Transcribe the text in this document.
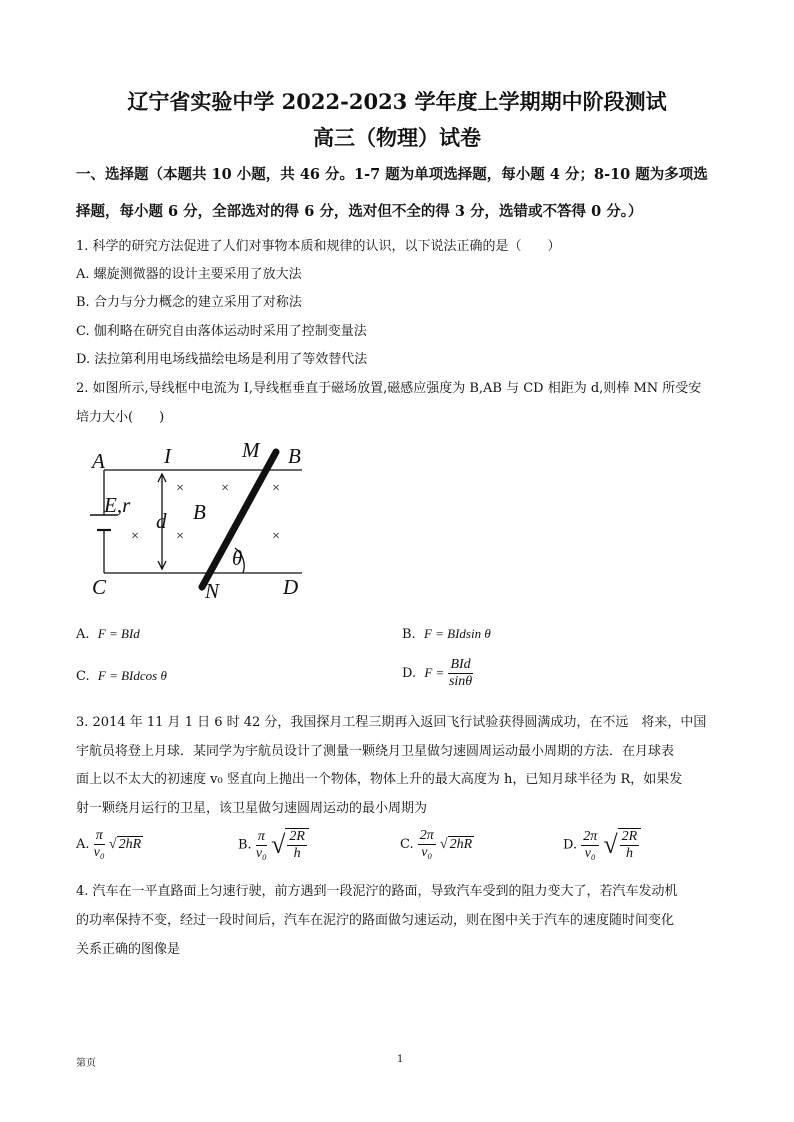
辽宁省实验中学 2022-2023 学年度上学期期中阶段测试
高三（物理）试卷
一、选择题（本题共 10 小题，共 46 分。1-7 题为单项选择题，每小题 4 分；8-10 题为多项选
择题，每小题 6 分，全部选对的得 6 分，选对但不全的得 3 分，选错或不答得 0 分。）
1. 科学的研究方法促进了人们对事物本质和规律的认识，以下说法正确的是（　　）
A. 螺旋测微器的设计主要采用了放大法
B. 合力与分力概念的建立采用了对称法
C. 伽利略在研究自由落体运动时采用了控制变量法
D. 法拉第利用电场线描绘电场是利用了等效替代法
2. 如图所示,导线框中电流为 I,导线框垂直于磁场放置,磁感应强度为 B,AB 与 CD 相距为 d,则棒 MN 所受安
培力大小(　　)
×	×	×
×	×	×
A	I	M B
E,r
d B
θ
C	N	D
A. F = BId	B. F = BIdsin θ
C. F = BIdcos θ	D. $F = \frac{\text{BId}}{\sin\theta}$
3. 2014 年 11 月 1 日 6 时 42 分，我国探月工程三期再入返回飞行试验获得圆满成功，在不远　将来，中国
宇航员将登上月球．某同学为宇航员设计了测量一颗绕月卫星做匀速圆周运动最小周期的方法．在月球表
面上以不太大的初速度 v₀ 竖直向上抛出一个物体，物体上升的最大高度为 h，已知月球半径为 R，如果发
射一颗绕月运行的卫星，该卫星做匀速圆周运动的最小周期为
A. $\frac{\pi}{\text{v₀}}$ √ 2hR	B. $\frac{\pi}{\text{v₀}}$ √ $\frac{2R}{h}$	C. $\frac{2\pi}{\text{v₀}}$ √ 2hR	D. $\frac{2\pi}{\text{v₀}}$ √ $\frac{2R}{h}$
4. 汽车在一平直路面上匀速行驶，前方遇到一段泥泞的路面，导致汽车受到的阻力变大了，若汽车发动机
的功率保持不变，经过一段时间后，汽车在泥泞的路面做匀速运动，则在图中关于汽车的速度随时间变化
关系正确的图像是
第页	1
